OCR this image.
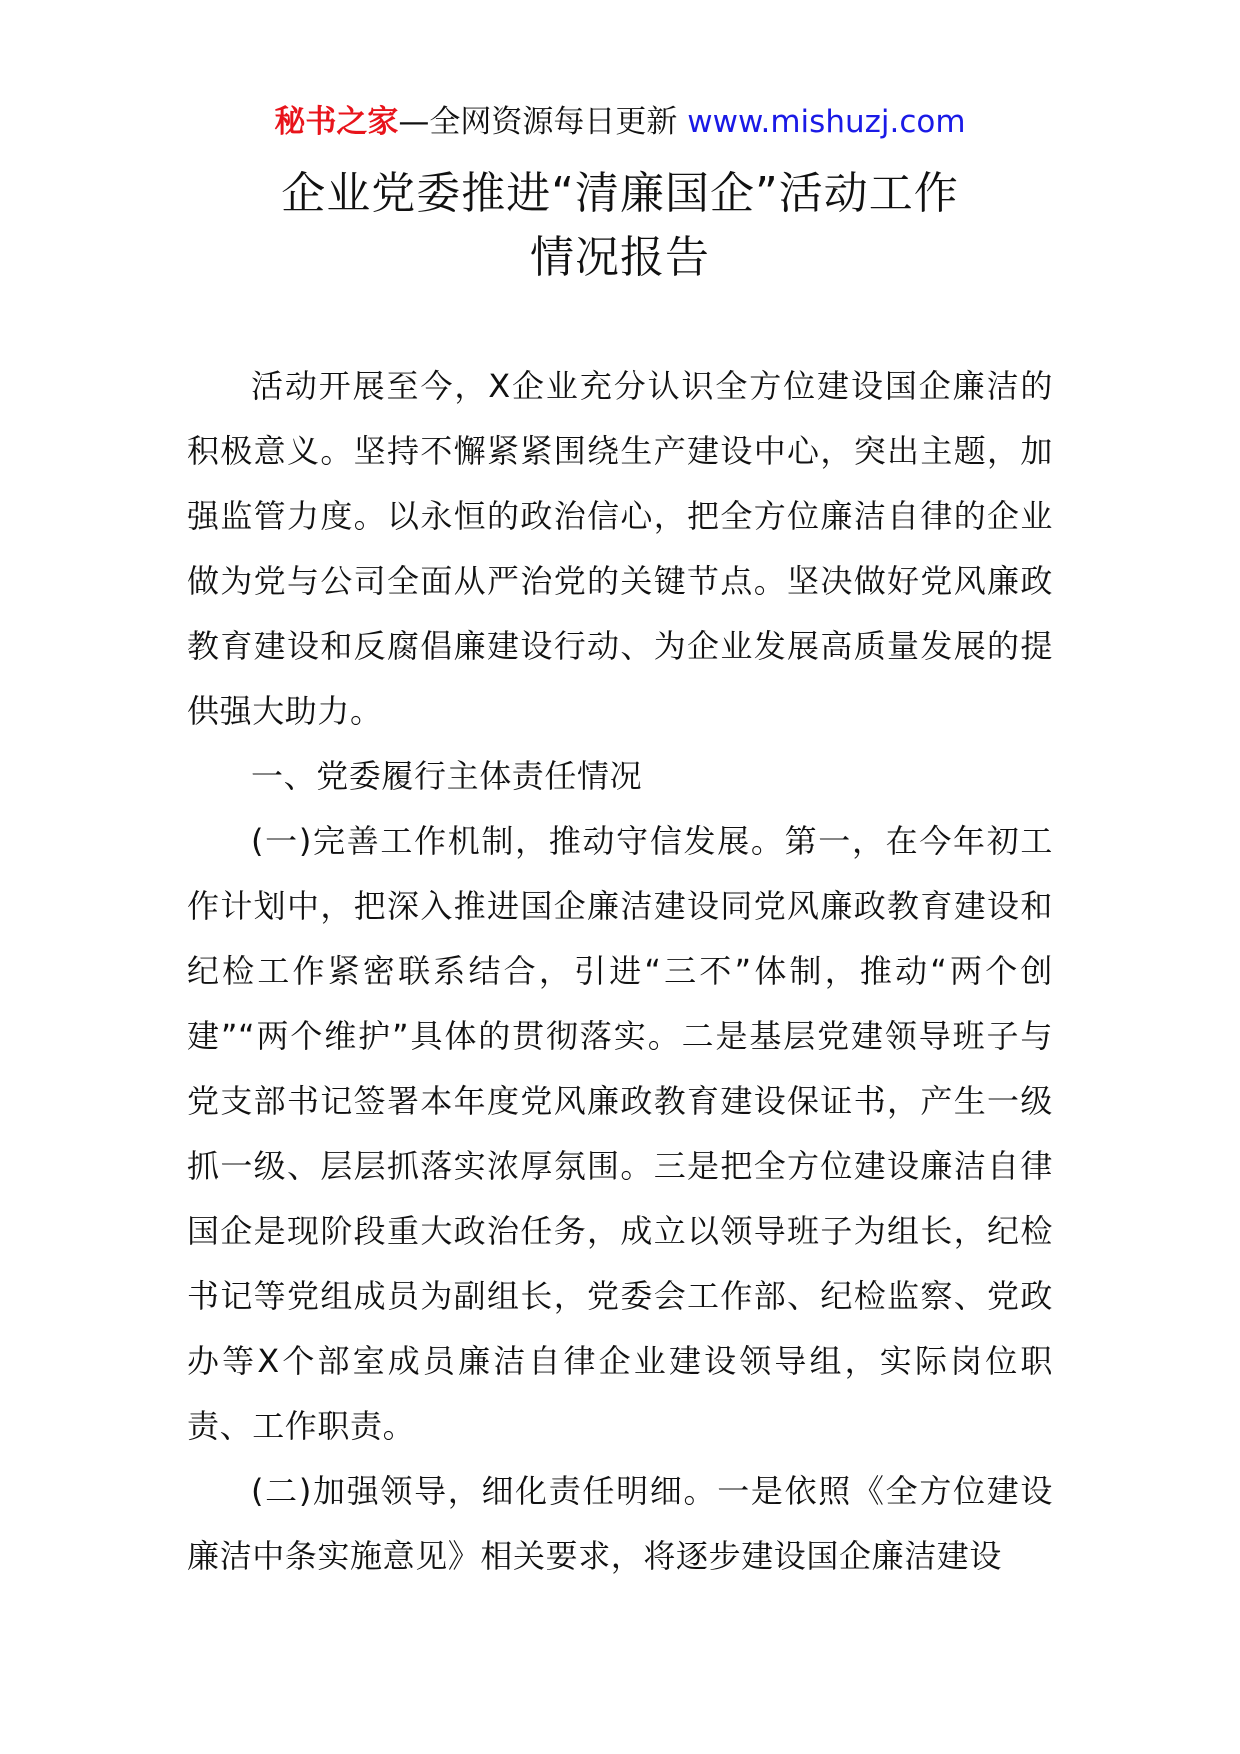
秘书之家—全网资源每日更新 www.mishuzj.com
企业党委推进“清廉国企”活动工作
情况报告

活动开展至今，X企业充分认识全方位建设国企廉洁的积极意义。坚持不懈紧紧围绕生产建设中心，突出主题，加强监管力度。以永恒的政治信心，把全方位廉洁自律的企业做为党与公司全面从严治党的关键节点。坚决做好党风廉政教育建设和反腐倡廉建设行动、为企业发展高质量发展的提供强大助力。

一、党委履行主体责任情况

(一)完善工作机制，推动守信发展。第一，在今年初工作计划中，把深入推进国企廉洁建设同党风廉政教育建设和纪检工作紧密联系结合，引进“三不”体制，推动“两个创建”“两个维护”具体的贯彻落实。二是基层党建领导班子与党支部书记签署本年度党风廉政教育建设保证书，产生一级抓一级、层层抓落实浓厚氛围。三是把全方位建设廉洁自律国企是现阶段重大政治任务，成立以领导班子为组长，纪检书记等党组成员为副组长，党委会工作部、纪检监察、党政办等X个部室成员廉洁自律企业建设领导组，实际岗位职责、工作职责。

(二)加强领导，细化责任明细。一是依照《全方位建设廉洁中条实施意见》相关要求，将逐步建设国企廉洁建设
